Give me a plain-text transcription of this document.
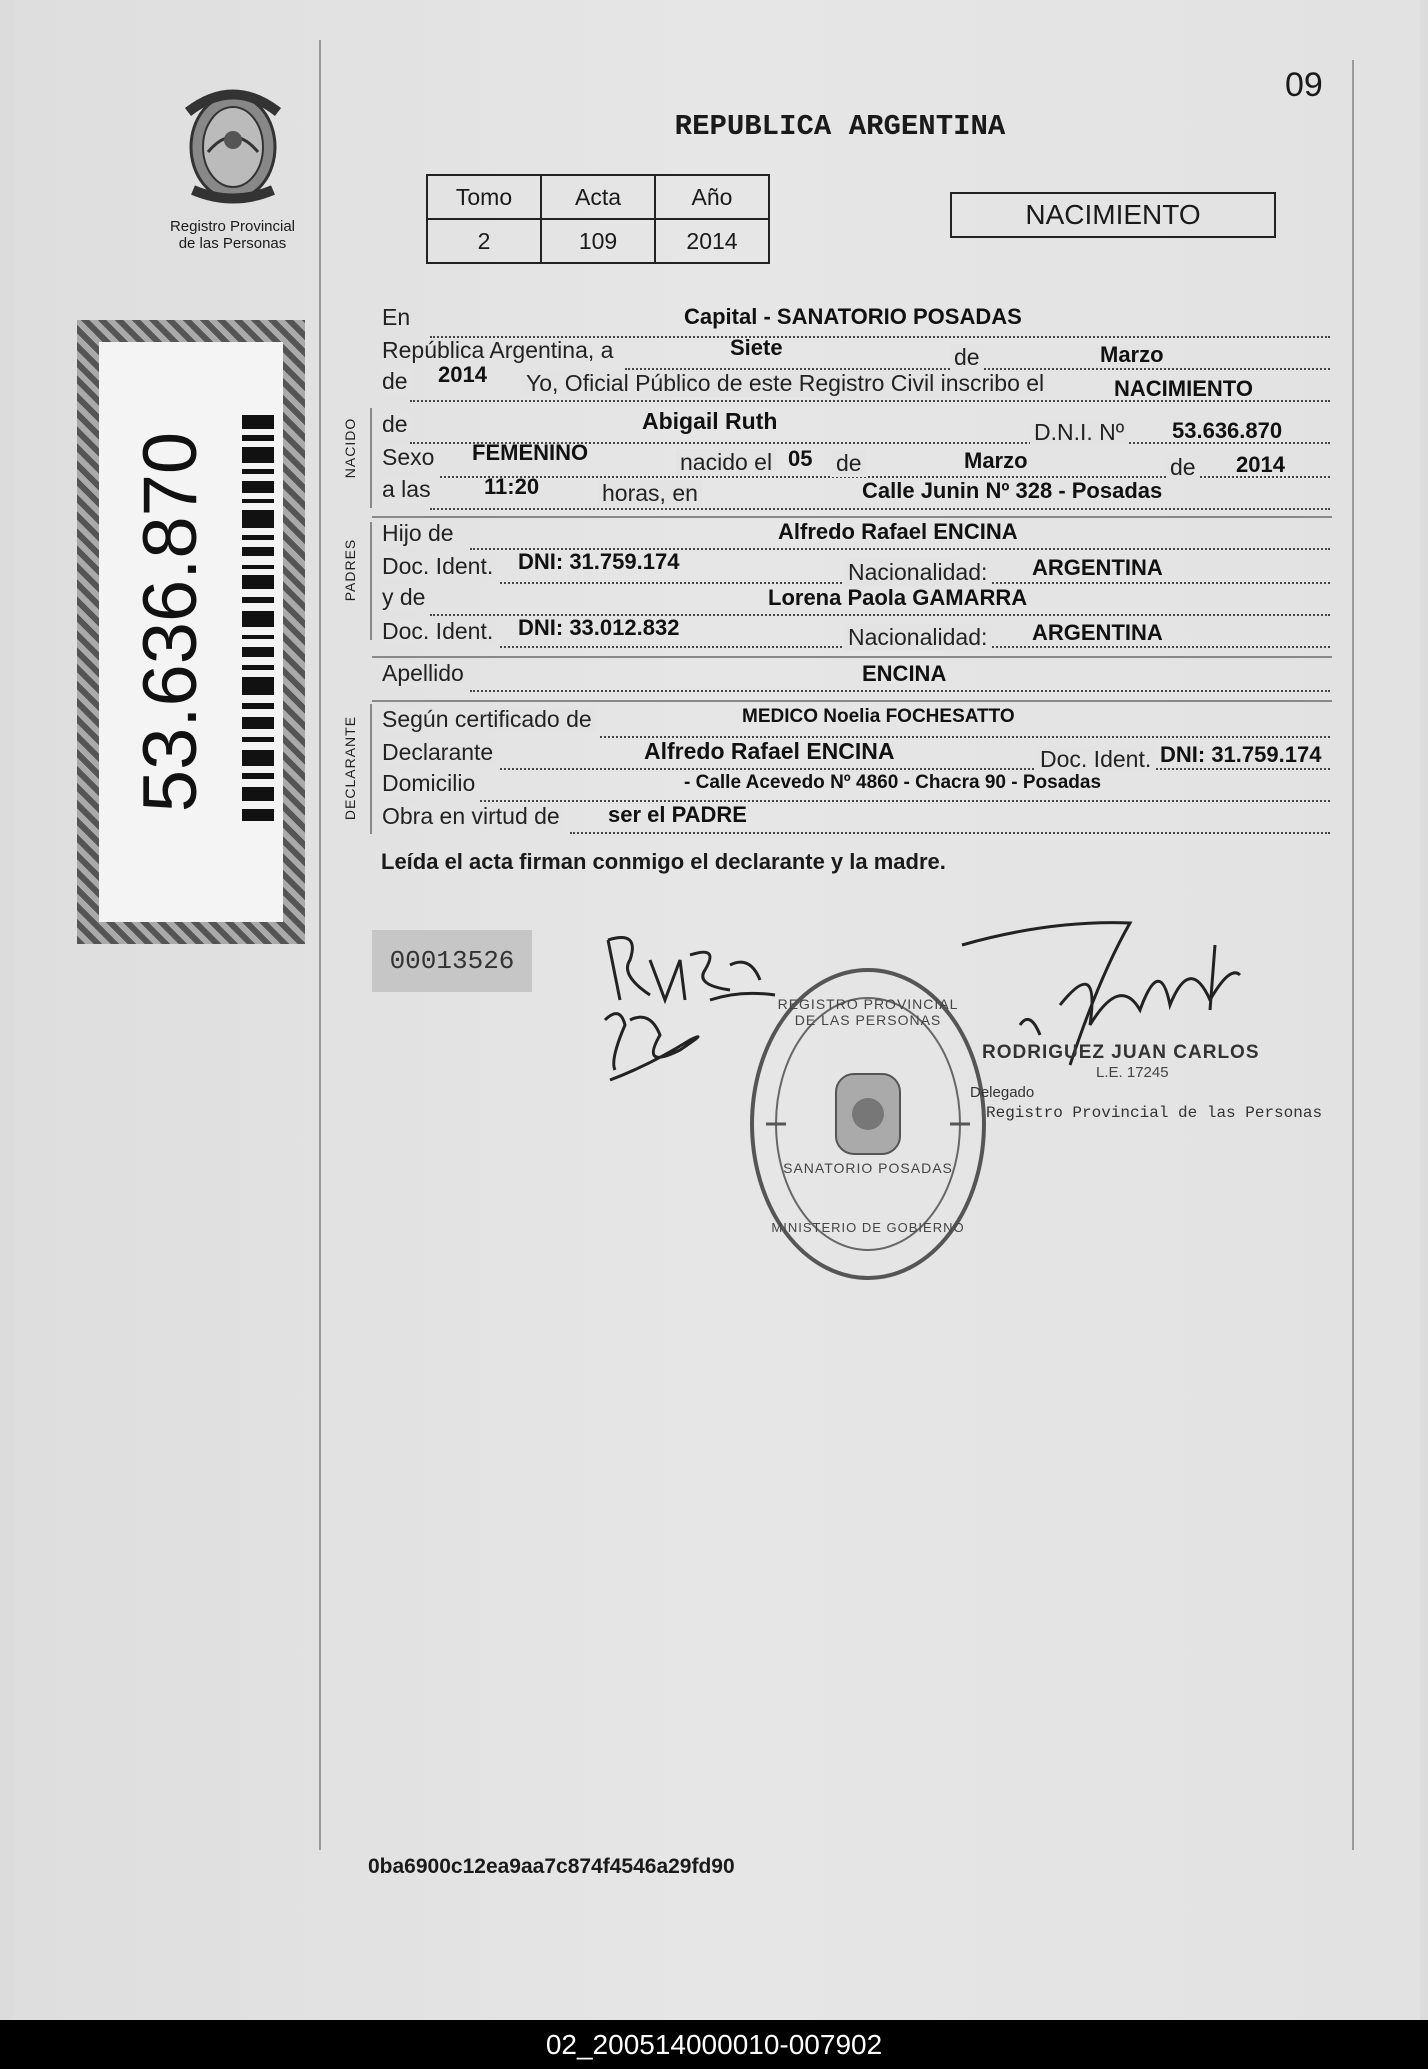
Registro Provincial
de las Personas
53.636.870
09
REPUBLICA ARGENTINA
Tomo	Acta	Año
2	109	2014
NACIMIENTO
En	Capital - SANATORIO POSADAS
República Argentina, a	Siete	de	Marzo
de 2014 Yo, Oficial Público de este Registro Civil inscribo el	NACIMIENTO
NACIDO de	Abigail Ruth	D.N.I. Nº 53.636.870
Sexo FEMENINO	nacido el 05 de	Marzo	de 2014
a las 11:20	horas, en	Calle Junin Nº 328 - Posadas
PADRES
Hijo de	Alfredo Rafael ENCINA
Doc. Ident. DNI: 31.759.174	Nacionalidad: ARGENTINA
y de	Lorena Paola GAMARRA
Doc. Ident. DNI: 33.012.832	Nacionalidad: ARGENTINA
Apellido	ENCINA
DECLARANTE Según certificado de	MEDICO Noelia FOCHESATTO
Declarante	Alfredo Rafael ENCINA	Doc. Ident. DNI: 31.759.174
Domicilio	- Calle Acevedo Nº 4860 - Chacra 90 - Posadas
Obra en virtud de ser el PADRE
Leída el acta firman conmigo el declarante y la madre.
00013526
REGISTRO PROVINCIAL DE LAS PERSONAS
SANATORIO POSADAS
MINISTERIO DE GOBIERNO
RODRIGUEZ JUAN CARLOS
L.E. 17245
Delegado
Registro Provincial de las Personas
0ba6900c12ea9aa7c874f4546a29fd90
02_200514000010-007902
